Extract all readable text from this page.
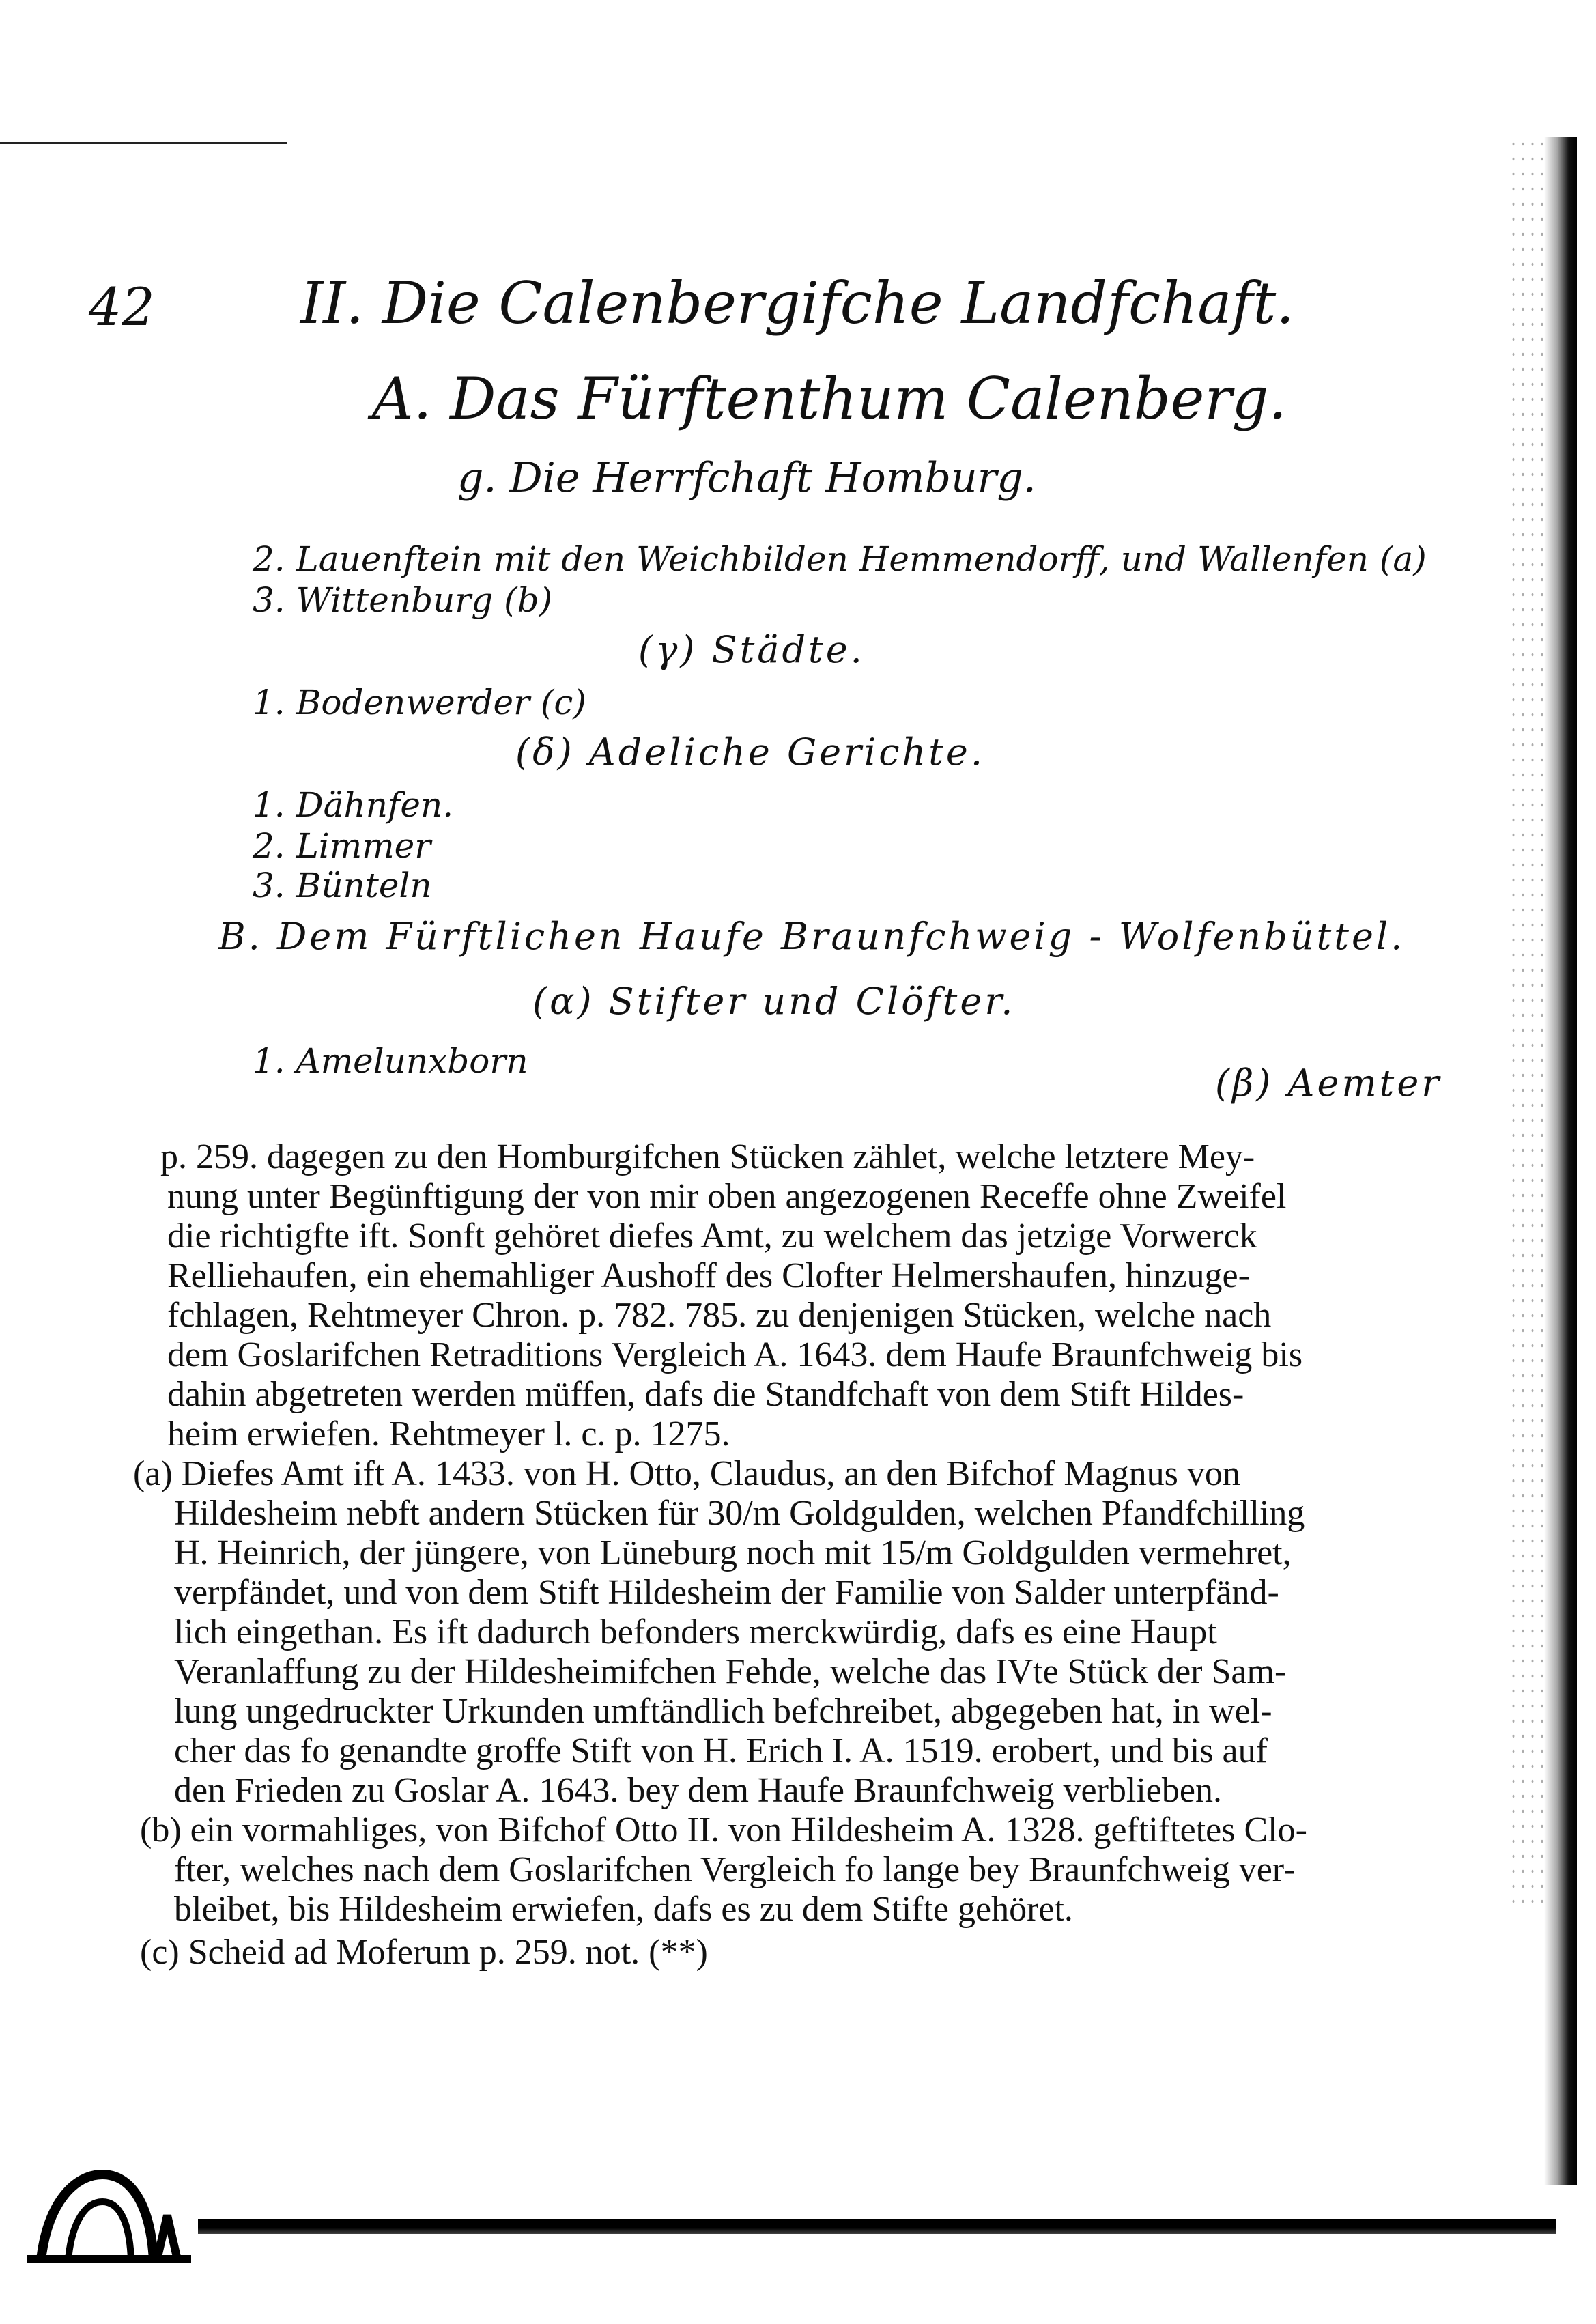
42	II. Die Calenbergifche Landfchaft.
A. Das Fürftenthum Calenberg.
g. Die Herrfchaft Homburg.
2. Lauenftein mit den Weichbilden Hemmendorff, und Wallenfen (a)
3. Wittenburg (b)
(γ) Städte.
1. Bodenwerder (c)
(δ) Adeliche Gerichte.
1. Dähnfen.
2. Limmer
3. Bünteln
B. Dem Fürftlichen Haufe Braunfchweig - Wolfenbüttel.
(α) Stifter und Clöfter.
1. Amelunxborn
(β) Aemter
p. 259. dagegen zu den Homburgifchen Stücken zählet, welche letztere Mey-
nung unter Begünftigung der von mir oben angezogenen Receffe ohne Zweifel
die richtigfte ift. Sonft gehöret diefes Amt, zu welchem das jetzige Vorwerck
Relliehaufen, ein ehemahliger Aushoff des Clofter Helmershaufen, hinzuge-
fchlagen, Rehtmeyer Chron. p. 782. 785. zu denjenigen Stücken, welche nach
dem Goslarifchen Retraditions Vergleich A. 1643. dem Haufe Braunfchweig bis
dahin abgetreten werden müffen, dafs die Standfchaft von dem Stift Hildes-
heim erwiefen. Rehtmeyer l. c. p. 1275.
(a) Diefes Amt ift A. 1433. von H. Otto, Claudus, an den Bifchof Magnus von
Hildesheim nebft andern Stücken für 30/m Goldgulden, welchen Pfandfchilling
H. Heinrich, der jüngere, von Lüneburg noch mit 15/m Goldgulden vermehret,
verpfändet, und von dem Stift Hildesheim der Familie von Salder unterpfänd-
lich eingethan. Es ift dadurch befonders merckwürdig, dafs es eine Haupt
Veranlaffung zu der Hildesheimifchen Fehde, welche das IVte Stück der Sam-
lung ungedruckter Urkunden umftändlich befchreibet, abgegeben hat, in wel-
cher das fo genandte groffe Stift von H. Erich I. A. 1519. erobert, und bis auf
den Frieden zu Goslar A. 1643. bey dem Haufe Braunfchweig verblieben.
(b) ein vormahliges, von Bifchof Otto II. von Hildesheim A. 1328. geftiftetes Clo-
fter, welches nach dem Goslarifchen Vergleich fo lange bey Braunfchweig ver-
bleibet, bis Hildesheim erwiefen, dafs es zu dem Stifte gehöret.
(c) Scheid ad Moferum p. 259. not. (**)
